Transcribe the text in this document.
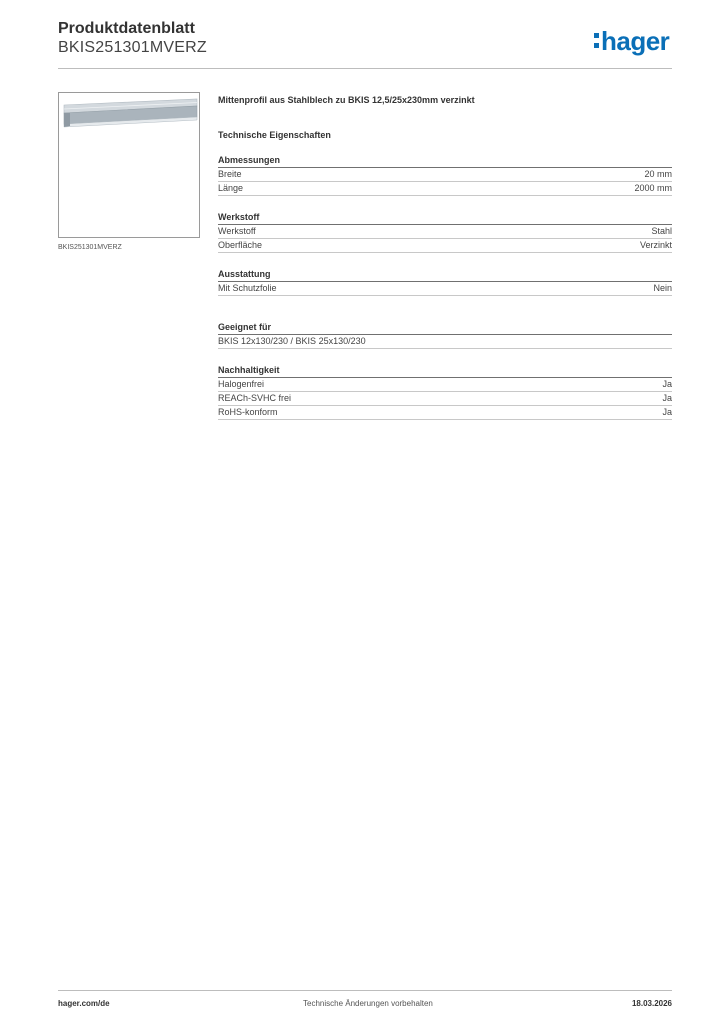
Produktdatenblatt
BKIS251301MVERZ	hager
BKIS251301MVERZ
Mittenprofil aus Stahlblech zu BKIS 12,5/25x230mm verzinkt
Technische Eigenschaften
Abmessungen
Breite	20 mm
Länge	2000 mm
Werkstoff
Werkstoff	Stahl
Oberfläche	Verzinkt
Ausstattung
Mit Schutzfolie	Nein
Geeignet für
BKIS 12x130/230 / BKIS 25x130/230
Nachhaltigkeit
Halogenfrei	Ja
REACh-SVHC frei	Ja
RoHS-konform	Ja
hager.com/de	Technische Änderungen vorbehalten	18.03.2026
